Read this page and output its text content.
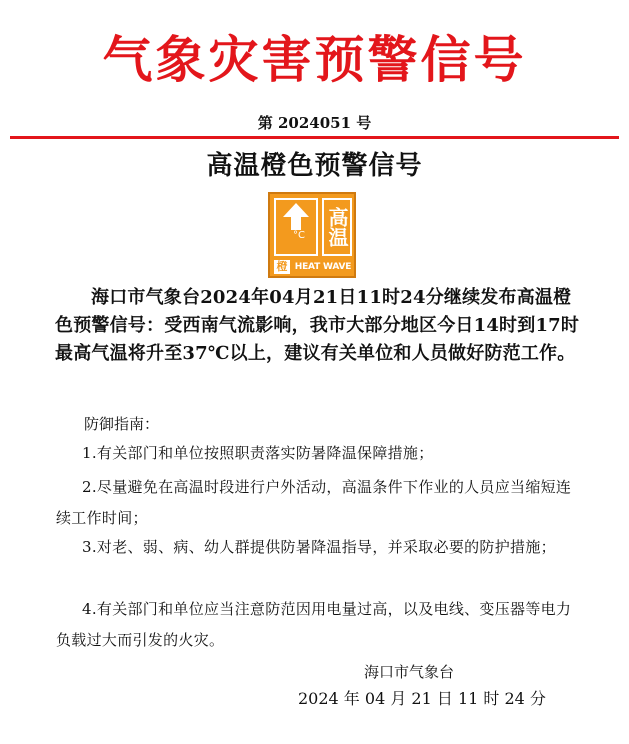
气象灾害预警信号
第 2024051 号
高温橙色预警信号
°C 高温
橙 HEAT WAVE
海口市气象台2024年04月21日11时24分继续发布高温橙色预警信号：受西南气流影响，我市大部分地区今日14时到17时最高气温将升至37℃以上，建议有关单位和人员做好防范工作。
防御指南：
1.有关部门和单位按照职责落实防暑降温保障措施；
2.尽量避免在高温时段进行户外活动，高温条件下作业的人员应当缩短连续工作时间；
3.对老、弱、病、幼人群提供防暑降温指导，并采取必要的防护措施；
4.有关部门和单位应当注意防范因用电量过高，以及电线、变压器等电力负载过大而引发的火灾。
海口市气象台
2024 年 04 月 21 日 11 时 24 分
